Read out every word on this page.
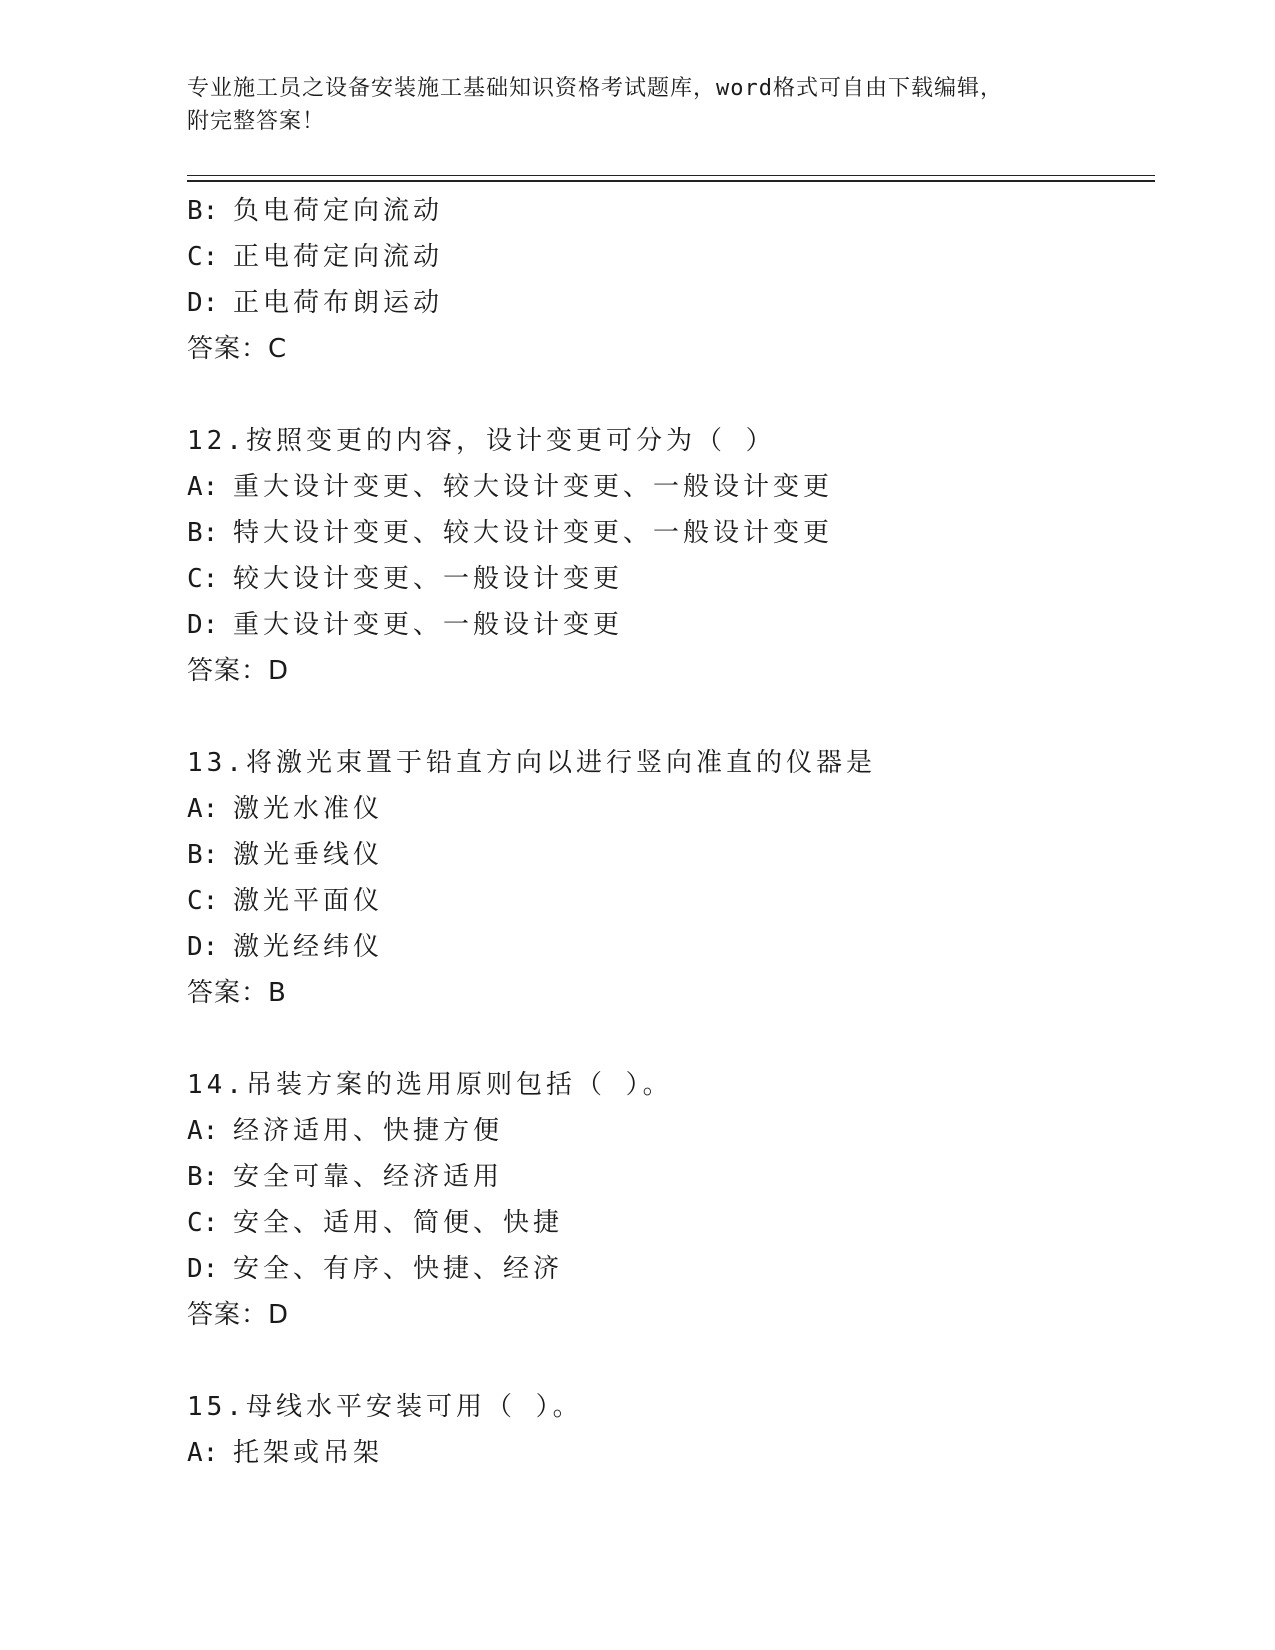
专业施工员之设备安装施工基础知识资格考试题库，word格式可自由下载编辑，
附完整答案！
B: 负电荷定向流动
C: 正电荷定向流动
D: 正电荷布朗运动
答案：C
12.按照变更的内容，设计变更可分为（ ）
A: 重大设计变更、较大设计变更、一般设计变更
B: 特大设计变更、较大设计变更、一般设计变更
C: 较大设计变更、一般设计变更
D: 重大设计变更、一般设计变更
答案：D
13.将激光束置于铅直方向以进行竖向准直的仪器是
A: 激光水准仪
B: 激光垂线仪
C: 激光平面仪
D: 激光经纬仪
答案：B
14.吊装方案的选用原则包括（ ）。
A: 经济适用、快捷方便
B: 安全可靠、经济适用
C: 安全、适用、简便、快捷
D: 安全、有序、快捷、经济
答案：D
15.母线水平安装可用（ ）。
A: 托架或吊架
